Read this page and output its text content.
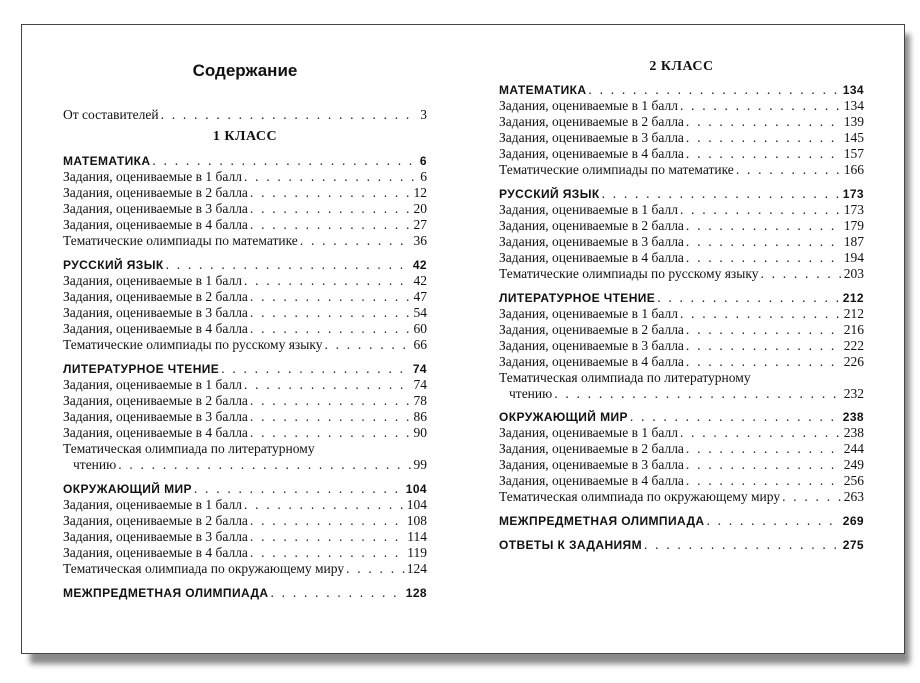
Содержание
От составителей . . .	3
1 КЛАСС
МАТЕМАТИКА . . .	6
Задания, оцениваемые в 1 балл . . .	6
Задания, оцениваемые в 2 балла . . .	12
Задания, оцениваемые в 3 балла . . .	20
Задания, оцениваемые в 4 балла . . .	27
Тематические олимпиады по математике . . .	36
РУССКИЙ ЯЗЫК . . .	42
Задания, оцениваемые в 1 балл . . .	42
Задания, оцениваемые в 2 балла . . .	47
Задания, оцениваемые в 3 балла . . .	54
Задания, оцениваемые в 4 балла . . .	60
Тематические олимпиады по русскому языку . . .	66
ЛИТЕРАТУРНОЕ ЧТЕНИЕ . . .	74
Задания, оцениваемые в 1 балл . . .	74
Задания, оцениваемые в 2 балла . . .	78
Задания, оцениваемые в 3 балла . . .	86
Задания, оцениваемые в 4 балла . . .	90
Тематическая олимпиада по литературному
чтению . . .	99
ОКРУЖАЮЩИЙ МИР . . .	104
Задания, оцениваемые в 1 балл . . .	104
Задания, оцениваемые в 2 балла . . .	108
Задания, оцениваемые в 3 балла . . .	114
Задания, оцениваемые в 4 балла . . .	119
Тематическая олимпиада по окружающему миру . . .	124
МЕЖПРЕДМЕТНАЯ ОЛИМПИАДА . . .	128
2 КЛАСС
МАТЕМАТИКА . . .	134
Задания, оцениваемые в 1 балл . . .	134
Задания, оцениваемые в 2 балла . . .	139
Задания, оцениваемые в 3 балла . . .	145
Задания, оцениваемые в 4 балла . . .	157
Тематические олимпиады по математике . . .	166
РУССКИЙ ЯЗЫК . . .	173
Задания, оцениваемые в 1 балл . . .	173
Задания, оцениваемые в 2 балла . . .	179
Задания, оцениваемые в 3 балла . . .	187
Задания, оцениваемые в 4 балла . . .	194
Тематические олимпиады по русскому языку . . .	203
ЛИТЕРАТУРНОЕ ЧТЕНИЕ . . .	212
Задания, оцениваемые в 1 балл . . .	212
Задания, оцениваемые в 2 балла . . .	216
Задания, оцениваемые в 3 балла . . .	222
Задания, оцениваемые в 4 балла . . .	226
Тематическая олимпиада по литературному
чтению . . .	232
ОКРУЖАЮЩИЙ МИР . . .	238
Задания, оцениваемые в 1 балл . . .	238
Задания, оцениваемые в 2 балла . . .	244
Задания, оцениваемые в 3 балла . . .	249
Задания, оцениваемые в 4 балла . . .	256
Тематическая олимпиада по окружающему миру . . .	263
МЕЖПРЕДМЕТНАЯ ОЛИМПИАДА . . .	269
ОТВЕТЫ К ЗАДАНИЯМ . . .	275
